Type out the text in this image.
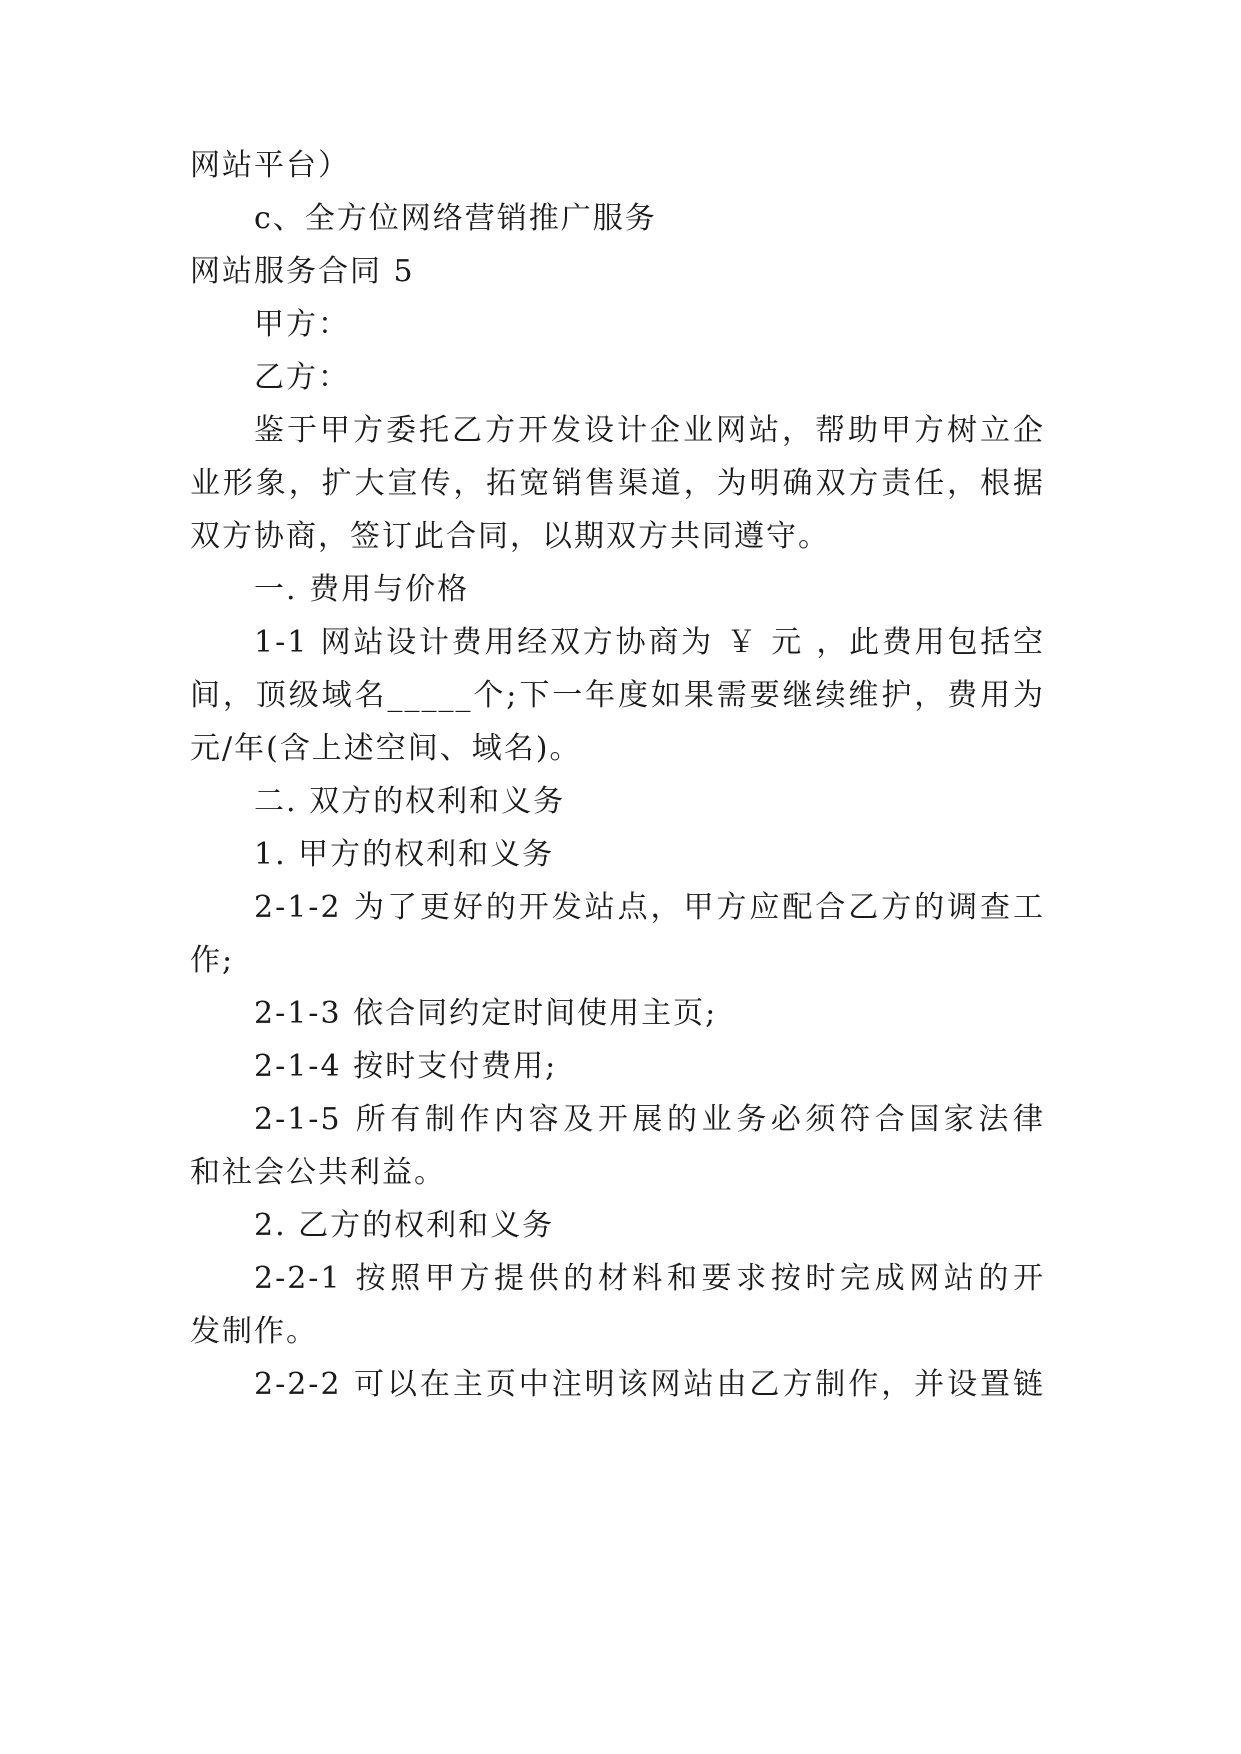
网站平台）
c、全方位网络营销推广服务
网站服务合同 5
甲方：
乙方：
鉴于甲方委托乙方开发设计企业网站，帮助甲方树立企
业形象，扩大宣传，拓宽销售渠道，为明确双方责任，根据
双方协商，签订此合同，以期双方共同遵守。
一. 费用与价格
1-1 网站设计费用经双方协商为 ￥ 元 ，此费用包括空
间，顶级域名_____个;下一年度如果需要继续维护，费用为
元/年(含上述空间、域名)。
二. 双方的权利和义务
1. 甲方的权利和义务
2-1-2 为了更好的开发站点，甲方应配合乙方的调查工
作;
2-1-3 依合同约定时间使用主页;
2-1-4 按时支付费用;
2-1-5 所有制作内容及开展的业务必须符合国家法律
和社会公共利益。
2. 乙方的权利和义务
2-2-1 按照甲方提供的材料和要求按时完成网站的开
发制作。
2-2-2 可以在主页中注明该网站由乙方制作，并设置链
